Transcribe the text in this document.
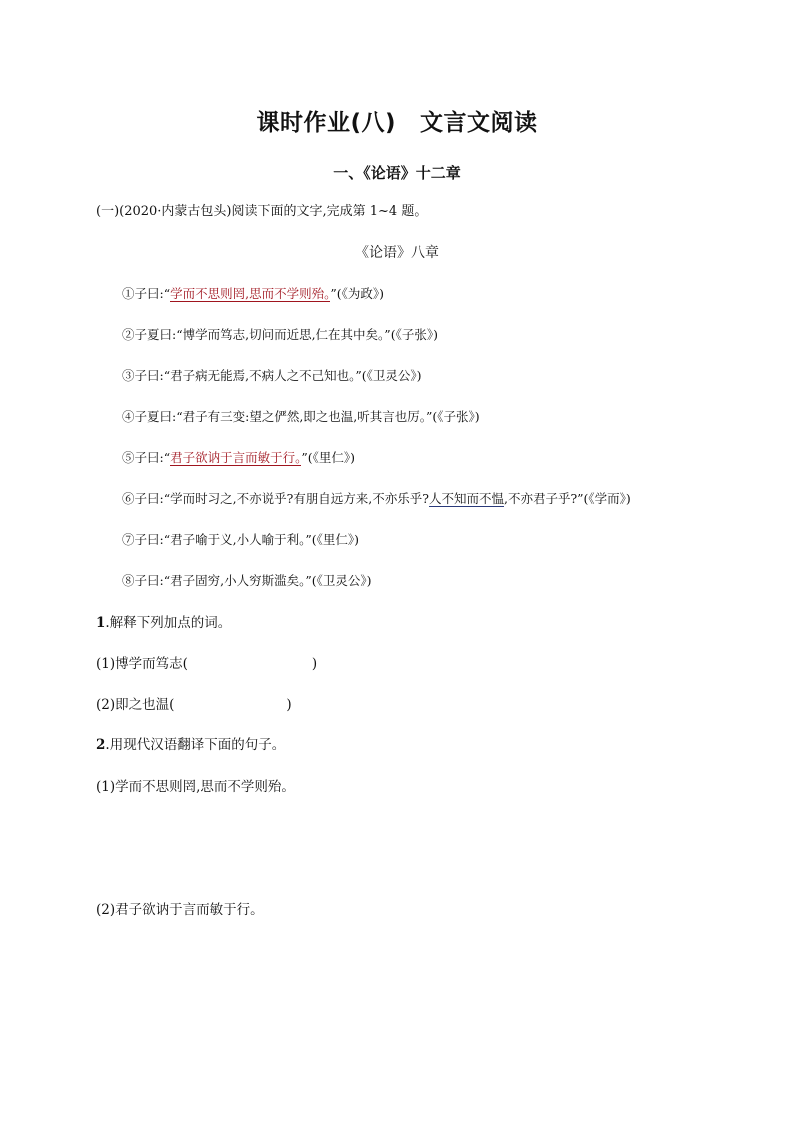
课时作业(八) 文言文阅读
一、《论语》十二章
(一)(2020·内蒙古包头)阅读下面的文字,完成第 1~4 题。
《论语》八章
①子曰:“学而不思则罔,思而不学则殆。”(《为政》)
②子夏曰:“博学而笃志,切问而近思,仁在其中矣。”(《子张》)
③子曰:“君子病无能焉,不病人之不己知也。”(《卫灵公》)
④子夏曰:“君子有三变:望之俨然,即之也温,听其言也厉。”(《子张》)
⑤子曰:“君子欲讷于言而敏于行。”(《里仁》)
⑥子曰:“学而时习之,不亦说乎?有朋自远方来,不亦乐乎?人不知而不愠,不亦君子乎?”(《学而》)
⑦子曰:“君子喻于义,小人喻于利。”(《里仁》)
⑧子曰:“君子固穷,小人穷斯滥矣。”(《卫灵公》)
1.解释下列加点的词。
(1)博学而笃志(	)
(2)即之也温(	)
2.用现代汉语翻译下面的句子。
(1)学而不思则罔,思而不学则殆。
(2)君子欲讷于言而敏于行。
